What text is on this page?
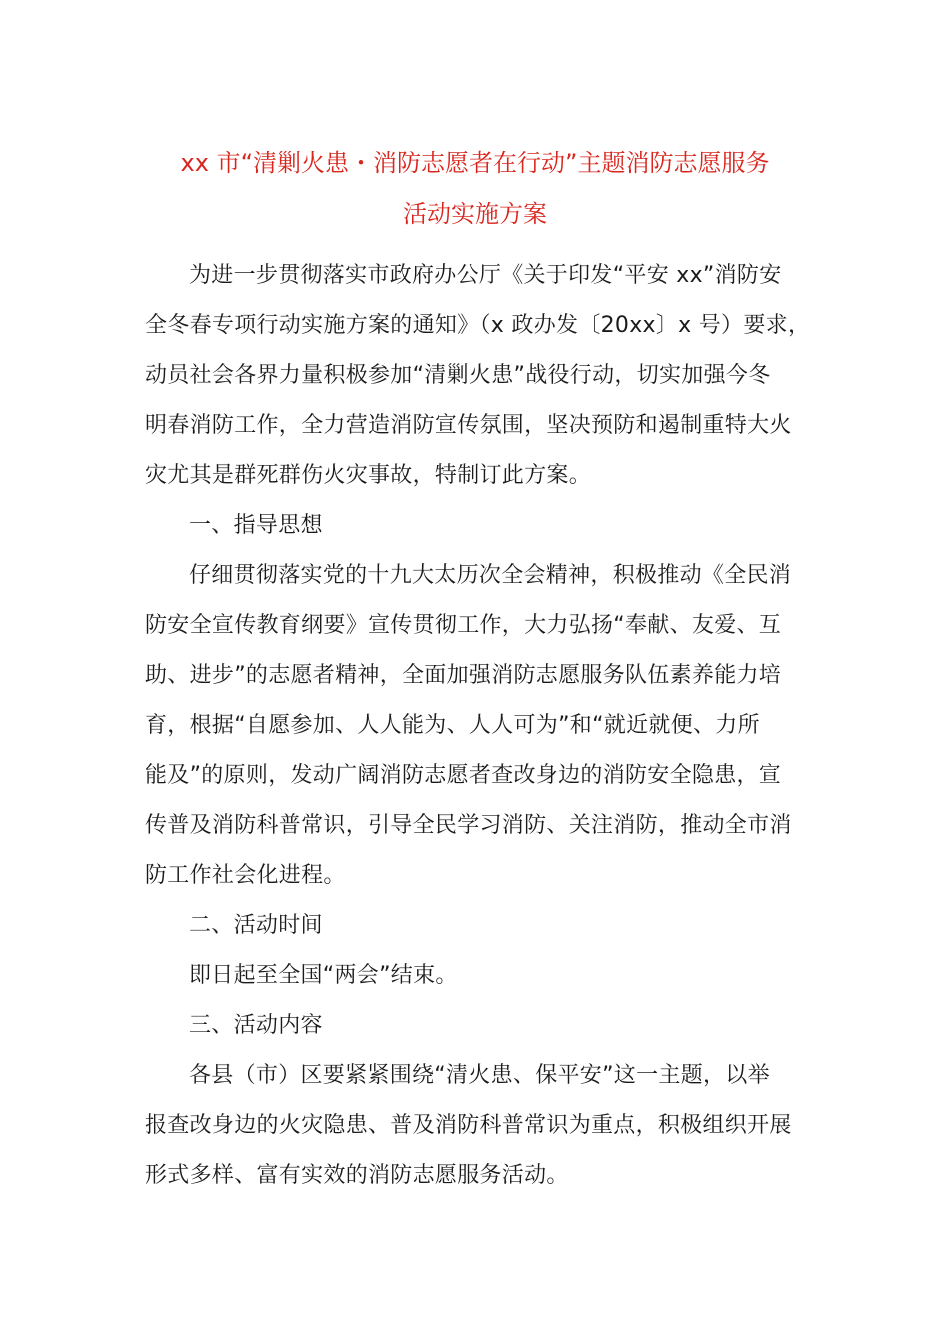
xx 市“清剿火患・消防志愿者在行动”主题消防志愿服务
活动实施方案
为进一步贯彻落实市政府办公厅《关于印发“平安 xx”消防安
全冬春专项行动实施方案的通知》（x 政办发〔20xx〕x 号）要求，
动员社会各界力量积极参加“清剿火患”战役行动，切实加强今冬
明春消防工作，全力营造消防宣传氛围，坚决预防和遏制重特大火
灾尤其是群死群伤火灾事故，特制订此方案。
一、指导思想
仔细贯彻落实党的十九大太历次全会精神，积极推动《全民消
防安全宣传教育纲要》宣传贯彻工作，大力弘扬“奉献、友爱、互
助、进步”的志愿者精神，全面加强消防志愿服务队伍素养能力培
育，根据“自愿参加、人人能为、人人可为”和“就近就便、力所
能及”的原则，发动广阔消防志愿者查改身边的消防安全隐患，宣
传普及消防科普常识，引导全民学习消防、关注消防，推动全市消
防工作社会化进程。
二、活动时间
即日起至全国“两会”结束。
三、活动内容
各县（市）区要紧紧围绕“清火患、保平安”这一主题，以举
报查改身边的火灾隐患、普及消防科普常识为重点，积极组织开展
形式多样、富有实效的消防志愿服务活动。
